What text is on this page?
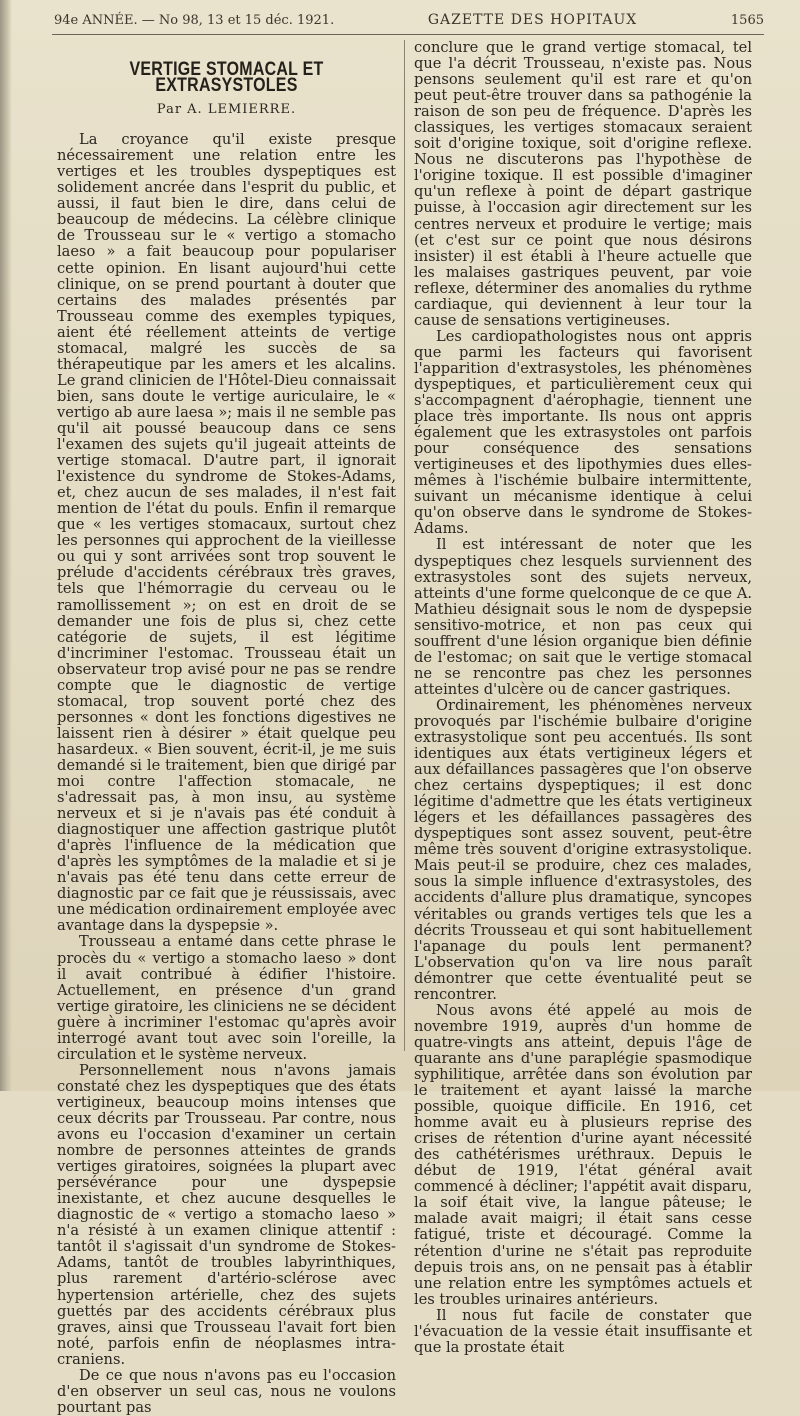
94e ANNÉE. — No 98, 13 et 15 déc. 1921.	GAZETTE DES HOPITAUX	1565
VERTIGE STOMACAL ET EXTRASYSTOLES
Par A. LEMIERRE.

La croyance qu'il existe presque nécessairement une relation entre les vertiges et les troubles dyspeptiques est solidement ancrée dans l'esprit du public, et aussi, il faut bien le dire, dans celui de beaucoup de médecins. La célèbre clinique de Trousseau sur le « vertigo a stomacho laeso » a fait beaucoup pour populariser cette opinion. En lisant aujourd'hui cette clinique, on se prend pourtant à douter que certains des malades présentés par Trousseau comme des exemples typiques, aient été réellement atteints de vertige stomacal, malgré les succès de sa thérapeutique par les amers et les alcalins. Le grand clinicien de l'Hôtel-Dieu connaissait bien, sans doute le vertige auriculaire, le « vertigo ab aure laesa »; mais il ne semble pas qu'il ait poussé beaucoup dans ce sens l'examen des sujets qu'il jugeait atteints de vertige stomacal. D'autre part, il ignorait l'existence du syndrome de Stokes-Adams, et, chez aucun de ses malades, il n'est fait mention de l'état du pouls. Enfin il remarque que « les vertiges stomacaux, surtout chez les personnes qui approchent de la vieillesse ou qui y sont arrivées sont trop souvent le prélude d'accidents cérébraux très graves, tels que l'hémorragie du cerveau ou le ramollissement »; on est en droit de se demander une fois de plus si, chez cette catégorie de sujets, il est légitime d'incriminer l'estomac. Trousseau était un observateur trop avisé pour ne pas se rendre compte que le diagnostic de vertige stomacal, trop souvent porté chez des personnes « dont les fonctions digestives ne laissent rien à désirer » était quelque peu hasardeux. « Bien souvent, écrit-il, je me suis demandé si le traitement, bien que dirigé par moi contre l'affection stomacale, ne s'adressait pas, à mon insu, au système nerveux et si je n'avais pas été conduit à diagnostiquer une affection gastrique plutôt d'après l'influence de la médication que d'après les symptômes de la maladie et si je n'avais pas été tenu dans cette erreur de diagnostic par ce fait que je réussissais, avec une médication ordinairement employée avec avantage dans la dyspepsie ».

Trousseau a entamé dans cette phrase le procès du « vertigo a stomacho laeso » dont il avait contribué à édifier l'histoire. Actuellement, en présence d'un grand vertige giratoire, les cliniciens ne se décident guère à incriminer l'estomac qu'après avoir interrogé avant tout avec soin l'oreille, la circulation et le système nerveux.

Personnellement nous n'avons jamais constaté chez les dyspeptiques que des états vertigineux, beaucoup moins intenses que ceux décrits par Trousseau. Par contre, nous avons eu l'occasion d'examiner un certain nombre de personnes atteintes de grands vertiges giratoires, soignées la plupart avec persévérance pour une dyspepsie inexistante, et chez aucune desquelles le diagnostic de « vertigo a stomacho laeso » n'a résisté à un examen clinique attentif : tantôt il s'agissait d'un syndrome de Stokes-Adams, tantôt de troubles labyrinthiques, plus rarement d'artério-sclérose avec hypertension artérielle, chez des sujets guettés par des accidents cérébraux plus graves, ainsi que Trousseau l'avait fort bien noté, parfois enfin de néoplasmes intra-craniens.

De ce que nous n'avons pas eu l'occasion d'en observer un seul cas, nous ne voulons pourtant pas

conclure que le grand vertige stomacal, tel que l'a décrit Trousseau, n'existe pas. Nous pensons seulement qu'il est rare et qu'on peut peut-être trouver dans sa pathogénie la raison de son peu de fréquence. D'après les classiques, les vertiges stomacaux seraient soit d'origine toxique, soit d'origine reflexe. Nous ne discuterons pas l'hypothèse de l'origine toxique. Il est possible d'imaginer qu'un reflexe à point de départ gastrique puisse, à l'occasion agir directement sur les centres nerveux et produire le vertige; mais (et c'est sur ce point que nous désirons insister) il est établi à l'heure actuelle que les malaises gastriques peuvent, par voie reflexe, déterminer des anomalies du rythme cardiaque, qui deviennent à leur tour la cause de sensations vertigineuses.

Les cardiopathologistes nous ont appris que parmi les facteurs qui favorisent l'apparition d'extrasystoles, les phénomènes dyspeptiques, et particulièrement ceux qui s'accompagnent d'aérophagie, tiennent une place très importante. Ils nous ont appris également que les extrasystoles ont parfois pour conséquence des sensations vertigineuses et des lipothymies dues elles-mêmes à l'ischémie bulbaire intermittente, suivant un mécanisme identique à celui qu'on observe dans le syndrome de Stokes-Adams.

Il est intéressant de noter que les dyspeptiques chez lesquels surviennent des extrasystoles sont des sujets nerveux, atteints d'une forme quelconque de ce que A. Mathieu désignait sous le nom de dyspepsie sensitivo-motrice, et non pas ceux qui souffrent d'une lésion organique bien définie de l'estomac; on sait que le vertige stomacal ne se rencontre pas chez les personnes atteintes d'ulcère ou de cancer gastriques.

Ordinairement, les phénomènes nerveux provoqués par l'ischémie bulbaire d'origine extrasystolique sont peu accentués. Ils sont identiques aux états vertigineux légers et aux défaillances passagères que l'on observe chez certains dyspeptiques; il est donc légitime d'admettre que les états vertigineux légers et les défaillances passagères des dyspeptiques sont assez souvent, peut-être même très souvent d'origine extrasystolique. Mais peut-il se produire, chez ces malades, sous la simple influence d'extrasystoles, des accidents d'allure plus dramatique, syncopes véritables ou grands vertiges tels que les a décrits Trousseau et qui sont habituellement l'apanage du pouls lent permanent? L'observation qu'on va lire nous paraît démontrer que cette éventualité peut se rencontrer.

Nous avons été appelé au mois de novembre 1919, auprès d'un homme de quatre-vingts ans atteint, depuis l'âge de quarante ans d'une paraplégie spasmodique syphilitique, arrêtée dans son évolution par le traitement et ayant laissé la marche possible, quoique difficile. En 1916, cet homme avait eu à plusieurs reprise des crises de rétention d'urine ayant nécessité des cathétérismes uréthraux. Depuis le début de 1919, l'état général avait commencé à décliner; l'appétit avait disparu, la soif était vive, la langue pâteuse; le malade avait maigri; il était sans cesse fatigué, triste et découragé. Comme la rétention d'urine ne s'était pas reproduite depuis trois ans, on ne pensait pas à établir une relation entre les symptômes actuels et les troubles urinaires antérieurs.

Il nous fut facile de constater que l'évacuation de la vessie était insuffisante et que la prostate était
